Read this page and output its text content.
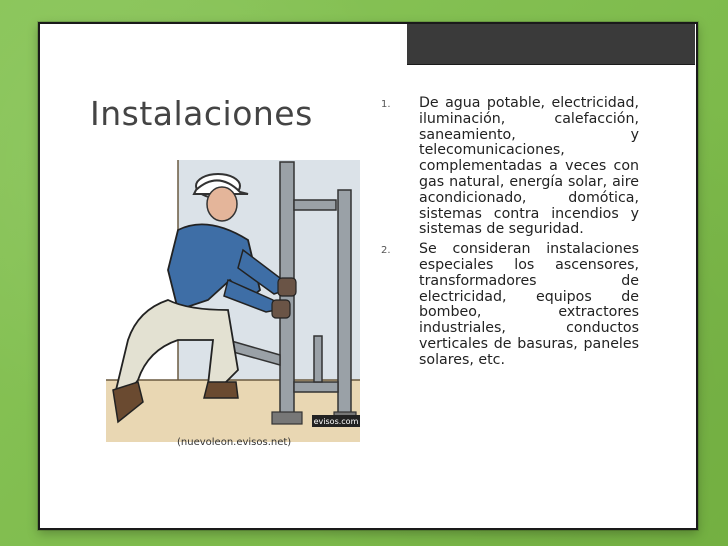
Instalaciones
evisos.com
(nuevoleon.evisos.net)
1. De agua potable, electricidad, iluminación, calefacción, saneamiento, y telecomunicaciones, complementadas a veces con gas natural, energía solar, aire acondicionado, domótica, sistemas contra incendios y sistemas de seguridad.
2. Se consideran instalaciones especiales los ascensores, transformadores de electricidad, equipos de bombeo, extractores industriales, conductos verticales de basuras, paneles solares, etc.
